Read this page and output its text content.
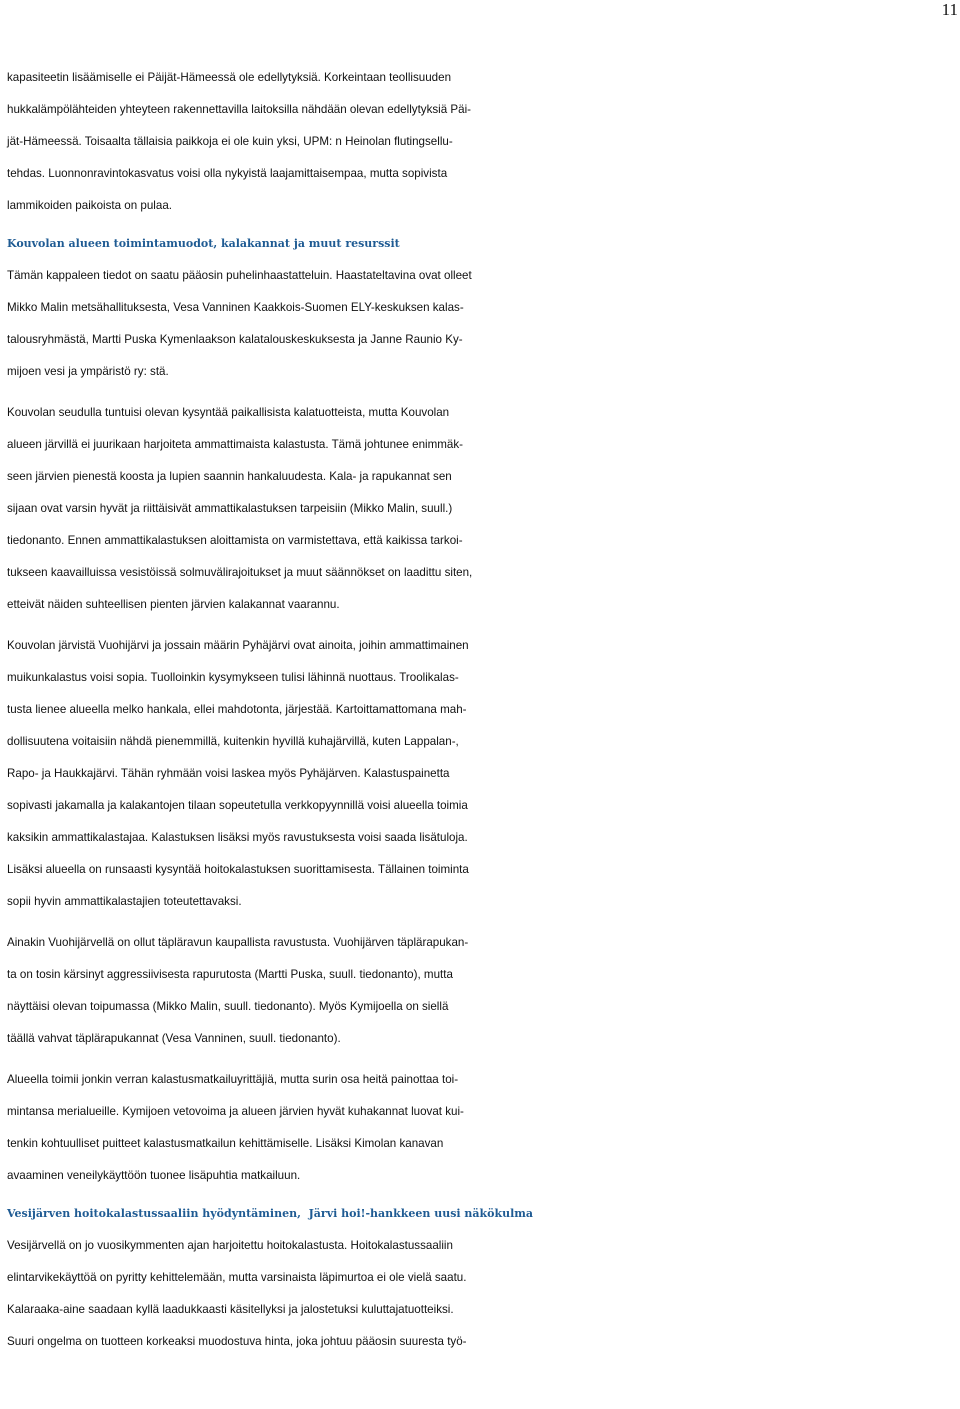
11
kapasiteetin lisäämiselle ei Päijät-Hämeessä ole edellytyksiä. Korkeintaan teollisuuden
hukkalämpölähteiden yhteyteen rakennettavilla laitoksilla nähdään olevan edellytyksiä Päi-
jät-Hämeessä. Toisaalta tällaisia paikkoja ei ole kuin yksi, UPM: n Heinolan flutingsellu-
tehdas. Luonnonravintokasvatus voisi olla nykyistä laajamittaisempaa, mutta sopivista
lammikoiden paikoista on pulaa.
Kouvolan alueen toimintamuodot, kalakannat ja muut resurssit
Tämän kappaleen tiedot on saatu pääosin puhelinhaastatteluin. Haastateltavina ovat olleet
Mikko Malin metsähallituksesta, Vesa Vanninen Kaakkois-Suomen ELY-keskuksen kalas-
talousryhmästä, Martti Puska Kymenlaakson kalatalouskeskuksesta ja Janne Raunio Ky-
mijoen vesi ja ympäristö ry: stä.
Kouvolan seudulla tuntuisi olevan kysyntää paikallisista kalatuotteista, mutta Kouvolan
alueen järvillä ei juurikaan harjoiteta ammattimaista kalastusta. Tämä johtunee enimmäk-
seen järvien pienestä koosta ja lupien saannin hankaluudesta. Kala- ja rapukannat sen
sijaan ovat varsin hyvät ja riittäisivät ammattikalastuksen tarpeisiin (Mikko Malin, suull.)
tiedonanto. Ennen ammattikalastuksen aloittamista on varmistettava, että kaikissa tarkoi-
tukseen kaavailluissa vesistöissä solmuvälirajoitukset ja muut säännökset on laadittu siten,
etteivät näiden suhteellisen pienten järvien kalakannat vaarannu.
Kouvolan järvistä Vuohijärvi ja jossain määrin Pyhäjärvi ovat ainoita, joihin ammattimainen
muikunkalastus voisi sopia. Tuolloinkin kysymykseen tulisi lähinnä nuottaus. Troolikalas-
tusta lienee alueella melko hankala, ellei mahdotonta, järjestää. Kartoittamattomana mah-
dollisuutena voitaisiin nähdä pienemmillä, kuitenkin hyvillä kuhajärvillä, kuten Lappalan-,
Rapo- ja Haukkajärvi. Tähän ryhmään voisi laskea myös Pyhäjärven. Kalastuspainetta
sopivasti jakamalla ja kalakantojen tilaan sopeutetulla verkkopyynnillä voisi alueella toimia
kaksikin ammattikalastajaa. Kalastuksen lisäksi myös ravustuksesta voisi saada lisätuloja.
Lisäksi alueella on runsaasti kysyntää hoitokalastuksen suorittamisesta. Tällainen toiminta
sopii hyvin ammattikalastajien toteutettavaksi.
Ainakin Vuohijärvellä on ollut täpläravun kaupallista ravustusta. Vuohijärven täplärapukan-
ta on tosin kärsinyt aggressiivisesta rapurutosta (Martti Puska, suull. tiedonanto), mutta
näyttäisi olevan toipumassa (Mikko Malin, suull. tiedonanto). Myös Kymijoella on siellä
täällä vahvat täplärapukannat (Vesa Vanninen, suull. tiedonanto).
Alueella toimii jonkin verran kalastusmatkailuyrittäjiä, mutta surin osa heitä painottaa toi-
mintansa merialueille. Kymijoen vetovoima ja alueen järvien hyvät kuhakannat luovat kui-
tenkin kohtuulliset puitteet kalastusmatkailun kehittämiselle. Lisäksi Kimolan kanavan
avaaminen veneilykäyttöön tuonee lisäpuhtia matkailuun.
Vesijärven hoitokalastussaaliin hyödyntäminen,  Järvi hoi!-hankkeen uusi näkökulma
Vesijärvellä on jo vuosikymmenten ajan harjoitettu hoitokalastusta. Hoitokalastussaaliin
elintarvikekäyttöä on pyritty kehittelemään, mutta varsinaista läpimurtoa ei ole vielä saatu.
Kalaraaka-aine saadaan kyllä laadukkaasti käsitellyksi ja jalostetuksi kuluttajatuotteiksi.
Suuri ongelma on tuotteen korkeaksi muodostuva hinta, joka johtuu pääosin suuresta työ-
